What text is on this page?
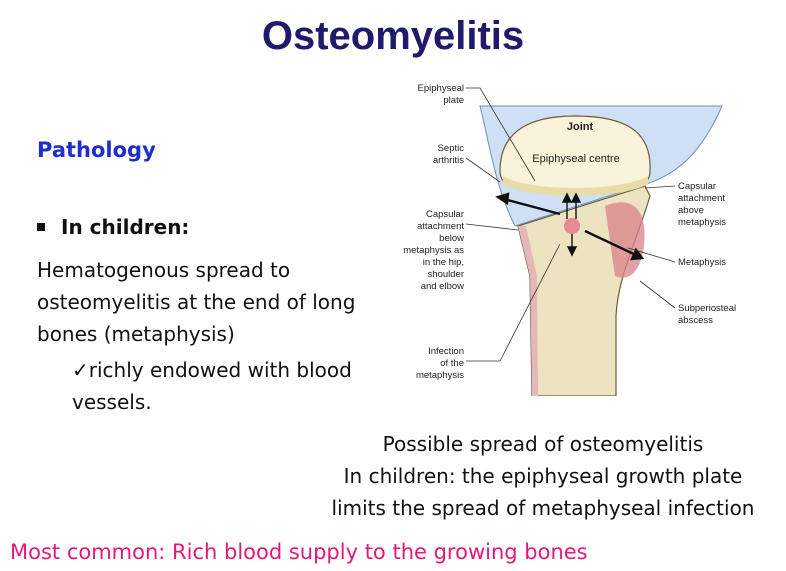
Osteomyelitis
Pathology
In children:
Hematogenous spread to osteomyelitis at the end of long bones (metaphysis)
✓richly endowed with blood vessels.
Joint
Epiphyseal centre
Epiphyseal
plate
Septic
arthritis
Capsular
attachment
below
metaphysis as
in the hip,
shoulder
and elbow
Infection
of the
metaphysis
Capsular
attachment
above
metaphysis
Metaphysis
Subperiosteal
abscess
Possible spread of osteomyelitis
In children: the epiphyseal growth plate
limits the spread of metaphyseal infection
Most common: Rich blood supply to the growing bones
